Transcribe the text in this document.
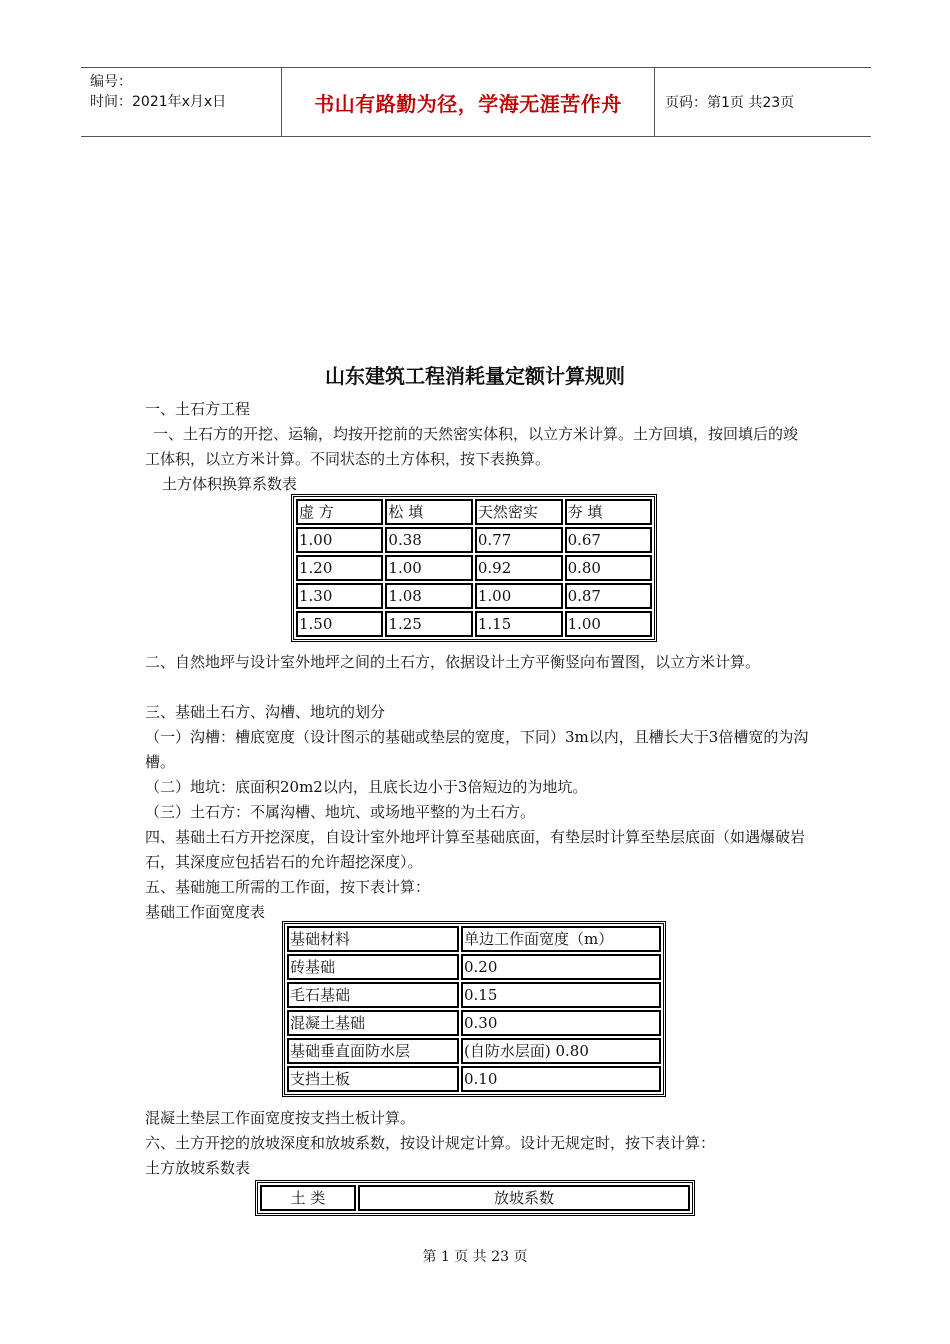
编号：
时间：2021年x月x日	书山有路勤为径，学海无涯苦作舟	页码：第1页 共23页
山东建筑工程消耗量定额计算规则
一、土石方工程
一、土石方的开挖、运输，均按开挖前的天然密实体积，以立方米计算。土方回填，按回填后的竣工体积，以立方米计算。不同状态的土方体积，按下表换算。
土方体积换算系数表
虚 方	松 填	天然密实	夯 填
1.00	0.38	0.77	0.67
1.20	1.00	0.92	0.80
1.30	1.08	1.00	0.87
1.50	1.25	1.15	1.00
二、自然地坪与设计室外地坪之间的土石方，依据设计土方平衡竖向布置图，以立方米计算。
三、基础土石方、沟槽、地坑的划分
（一）沟槽：槽底宽度（设计图示的基础或垫层的宽度，下同）3m以内，且槽长大于3倍槽宽的为沟槽。
（二）地坑：底面积20m2以内，且底长边小于3倍短边的为地坑。
（三）土石方：不属沟槽、地坑、或场地平整的为土石方。
四、基础土石方开挖深度，自设计室外地坪计算至基础底面，有垫层时计算至垫层底面（如遇爆破岩石，其深度应包括岩石的允许超挖深度）。
五、基础施工所需的工作面，按下表计算：
基础工作面宽度表
基础材料	单边工作面宽度（m）
砖基础	0.20
毛石基础	0.15
混凝土基础	0.30
基础垂直面防水层	(自防水层面) 0.80
支挡土板	0.10
混凝土垫层工作面宽度按支挡土板计算。
六、土方开挖的放坡深度和放坡系数，按设计规定计算。设计无规定时，按下表计算：
土方放坡系数表
土 类	放坡系数
第 1 页 共 23 页
